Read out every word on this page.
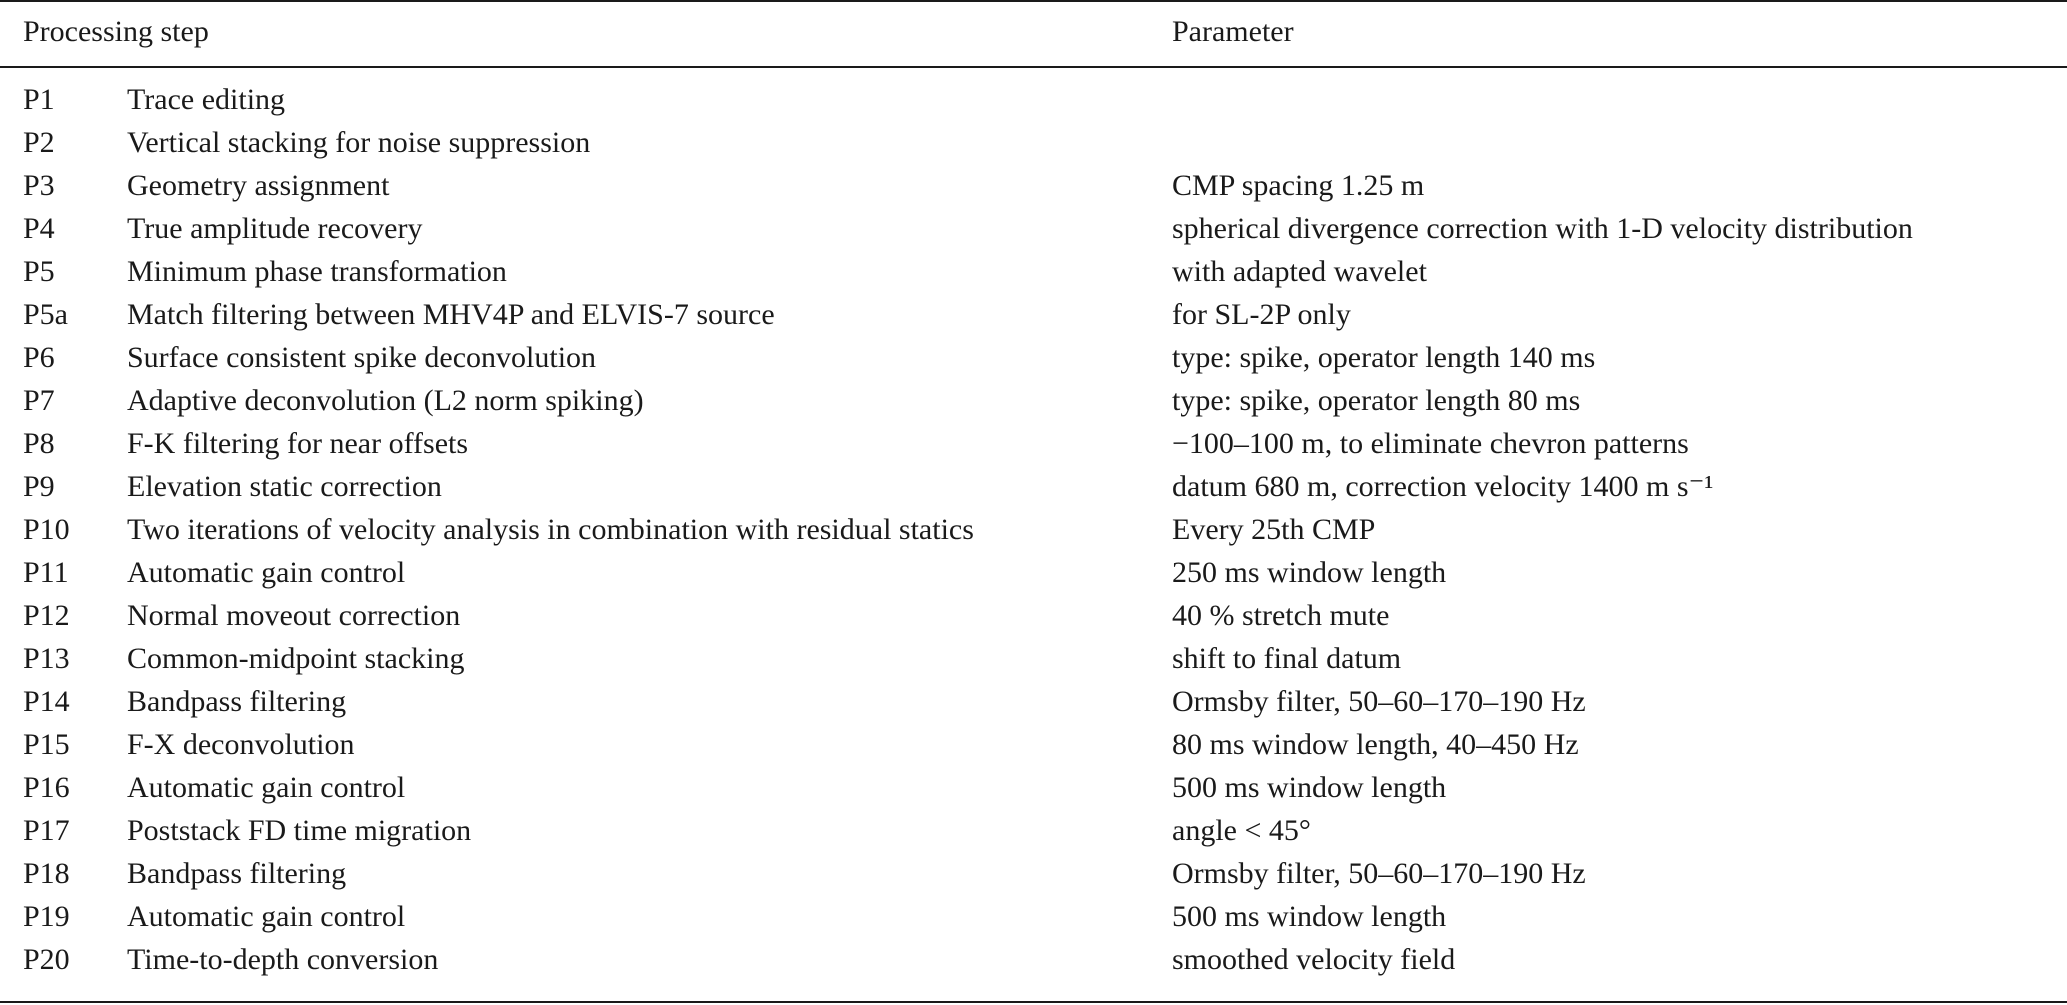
Processing step	Parameter
P1 Trace editing
P2 Vertical stacking for noise suppression
P3 Geometry assignment	CMP spacing 1.25 m
P4 True amplitude recovery	spherical divergence correction with 1-D velocity distribution
P5 Minimum phase transformation	with adapted wavelet
P5a Match filtering between MHV4P and ELVIS-7 source	for SL-2P only
P6 Surface consistent spike deconvolution	type: spike, operator length 140 ms
P7 Adaptive deconvolution (L2 norm spiking)	type: spike, operator length 80 ms
P8 F-K filtering for near offsets	−100–100 m, to eliminate chevron patterns
P9 Elevation static correction	datum 680 m, correction velocity 1400 m s⁻¹
P10 Two iterations of velocity analysis in combination with residual statics	Every 25th CMP
P11 Automatic gain control	250 ms window length
P12 Normal moveout correction	40 % stretch mute
P13 Common-midpoint stacking	shift to final datum
P14 Bandpass filtering	Ormsby filter, 50–60–170–190 Hz
P15 F-X deconvolution	80 ms window length, 40–450 Hz
P16 Automatic gain control	500 ms window length
P17 Poststack FD time migration	angle < 45°
P18 Bandpass filtering	Ormsby filter, 50–60–170–190 Hz
P19 Automatic gain control	500 ms window length
P20 Time-to-depth conversion	smoothed velocity field
